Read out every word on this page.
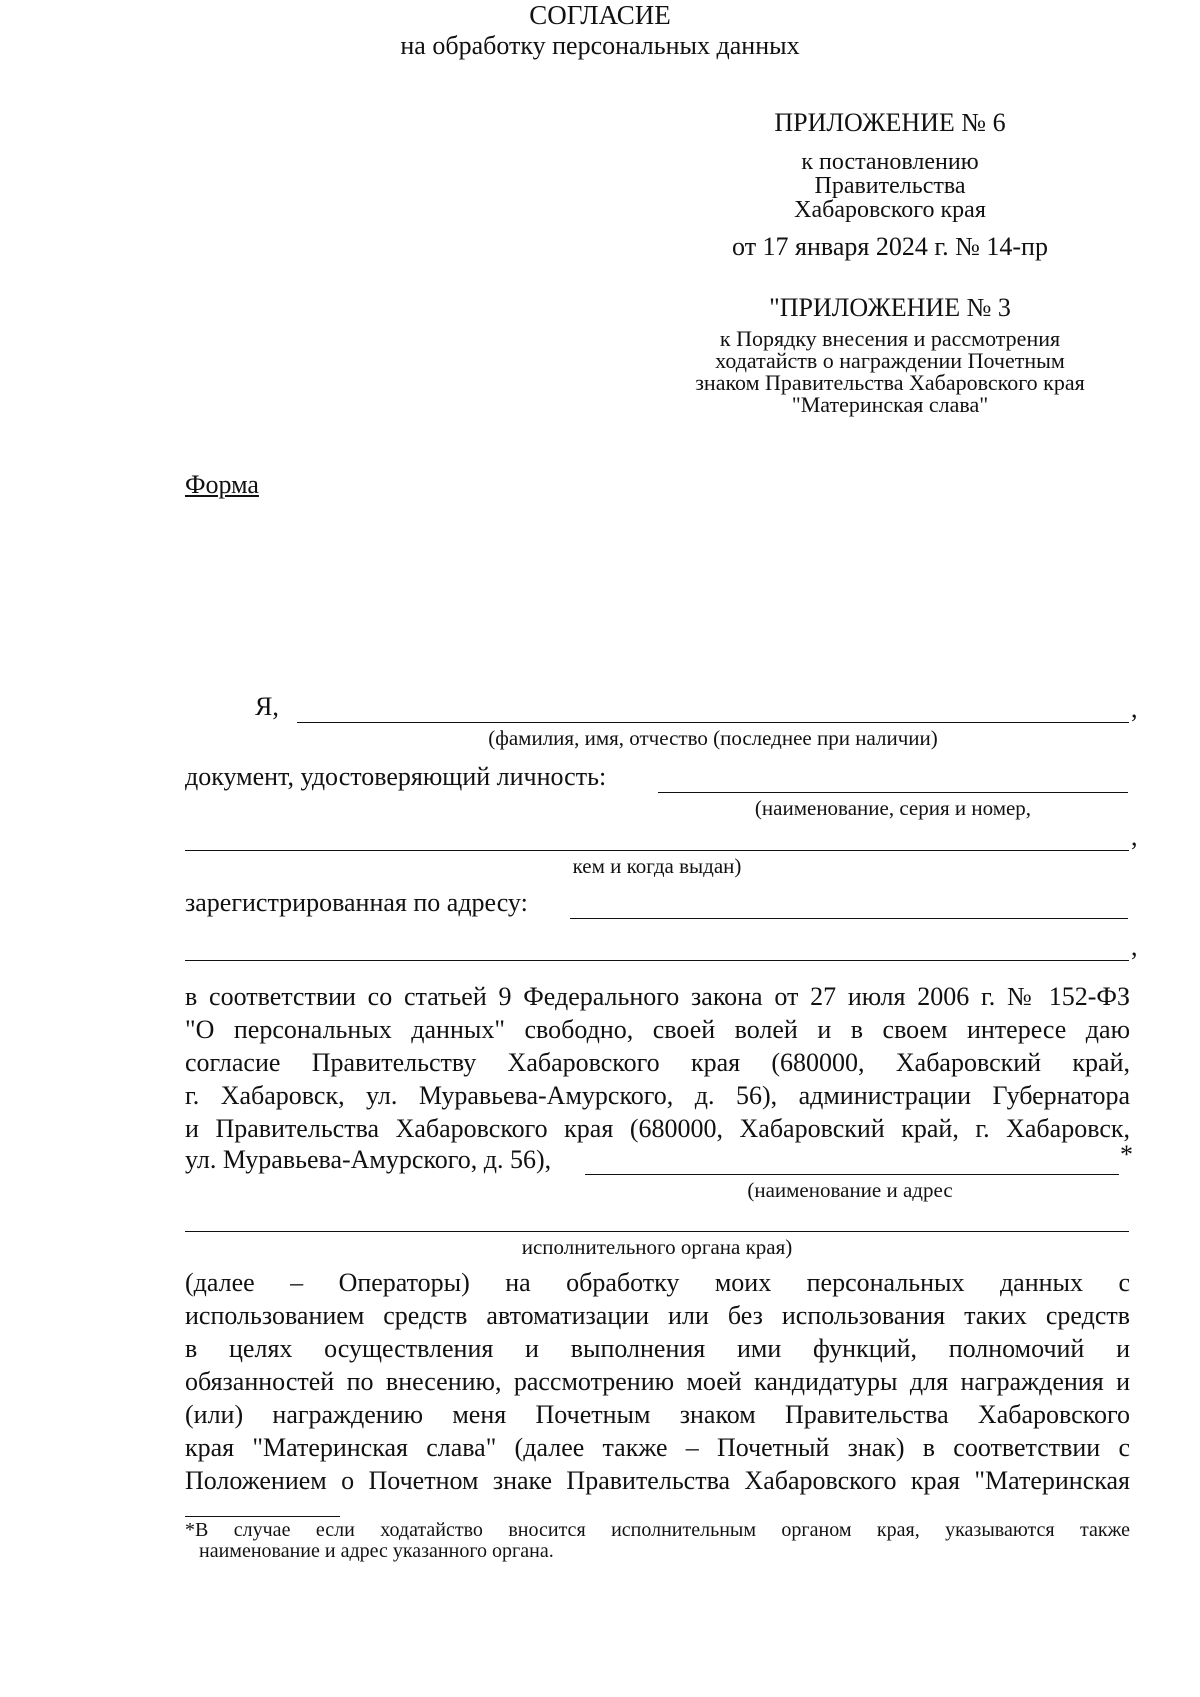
ПРИЛОЖЕНИЕ № 6
к постановлению
Правительства
Хабаровского края
от 17 января 2024 г. № 14-пр
"ПРИЛОЖЕНИЕ № 3
к Порядку внесения и рассмотрения
ходатайств о награждении Почетным
знаком Правительства Хабаровского края
"Материнская слава"
Форма
СОГЛАСИЕ
на обработку персональных данных
Я,	,
(фамилия, имя, отчество (последнее при наличии)
документ, удостоверяющий личность:
(наименование, серия и номер,
,
кем и когда выдан)
зарегистрированная по адресу:
,
в соответствии со статьей 9 Федерального закона от 27 июля 2006 г. № 152-ФЗ
"О персональных данных" свободно, своей волей и в своем интересе даю
согласие Правительству Хабаровского края (680000, Хабаровский край,
г. Хабаровск, ул. Муравьева-Амурского, д. 56), администрации Губернатора
и Правительства Хабаровского края (680000, Хабаровский край, г. Хабаровск,
ул. Муравьева-Амурского, д. 56),	*
(наименование и адрес
исполнительного органа края)
(далее – Операторы) на обработку моих персональных данных с
использованием средств автоматизации или без использования таких средств
в целях осуществления и выполнения ими функций, полномочий и
обязанностей по внесению, рассмотрению моей кандидатуры для награждения и
(или) награждению меня Почетным знаком Правительства Хабаровского
края "Материнская слава" (далее также – Почетный знак) в соответствии с
Положением о Почетном знаке Правительства Хабаровского края "Материнская
*В случае если ходатайство вносится исполнительным органом края, указываются также
наименование и адрес указанного органа.
